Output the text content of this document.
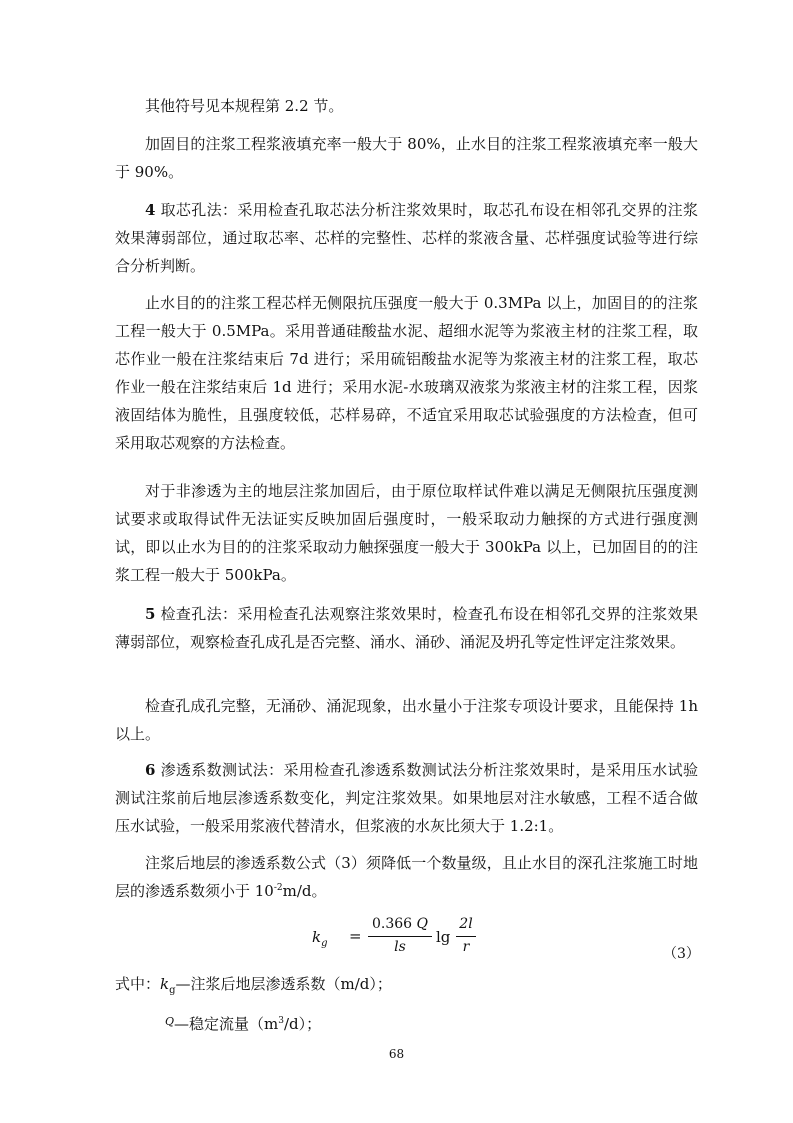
其他符号见本规程第 2.2 节。

加固目的注浆工程浆液填充率一般大于 80%，止水目的注浆工程浆液填充率一般大于 90%。

4 取芯孔法：采用检查孔取芯法分析注浆效果时，取芯孔布设在相邻孔交界的注浆效果薄弱部位，通过取芯率、芯样的完整性、芯样的浆液含量、芯样强度试验等进行综合分析判断。

止水目的的注浆工程芯样无侧限抗压强度一般大于 0.3MPa 以上，加固目的的注浆工程一般大于 0.5MPa。采用普通硅酸盐水泥、超细水泥等为浆液主材的注浆工程，取芯作业一般在注浆结束后 7d 进行；采用硫铝酸盐水泥等为浆液主材的注浆工程，取芯作业一般在注浆结束后 1d 进行；采用水泥-水玻璃双液浆为浆液主材的注浆工程，因浆液固结体为脆性，且强度较低，芯样易碎，不适宜采用取芯试验强度的方法检查，但可采用取芯观察的方法检查。

对于非渗透为主的地层注浆加固后，由于原位取样试件难以满足无侧限抗压强度测试要求或取得试件无法证实反映加固后强度时，一般采取动力触探的方式进行强度测试，即以止水为目的的注浆采取动力触探强度一般大于 300kPa 以上，已加固目的的注浆工程一般大于 500kPa。

5 检查孔法：采用检查孔法观察注浆效果时，检查孔布设在相邻孔交界的注浆效果薄弱部位，观察检查孔成孔是否完整、涌水、涌砂、涌泥及坍孔等定性评定注浆效果。

检查孔成孔完整，无涌砂、涌泥现象，出水量小于注浆专项设计要求，且能保持 1h 以上。

6 渗透系数测试法：采用检查孔渗透系数测试法分析注浆效果时，是采用压水试验测试注浆前后地层渗透系数变化，判定注浆效果。如果地层对注水敏感，工程不适合做压水试验，一般采用浆液代替清水，但浆液的水灰比须大于 1.2:1。

注浆后地层的渗透系数公式（3）须降低一个数量级，且止水目的深孔注浆施工时地层的渗透系数须小于 $10^{-2}m/d$。

$k_g$ =
0.366 Q
ls
lg
2l
r	（3）

式中：$k_g—$注浆后地层渗透系数（m/d）；

$^Q$—稳定流量$(m^3/d)$；

68
